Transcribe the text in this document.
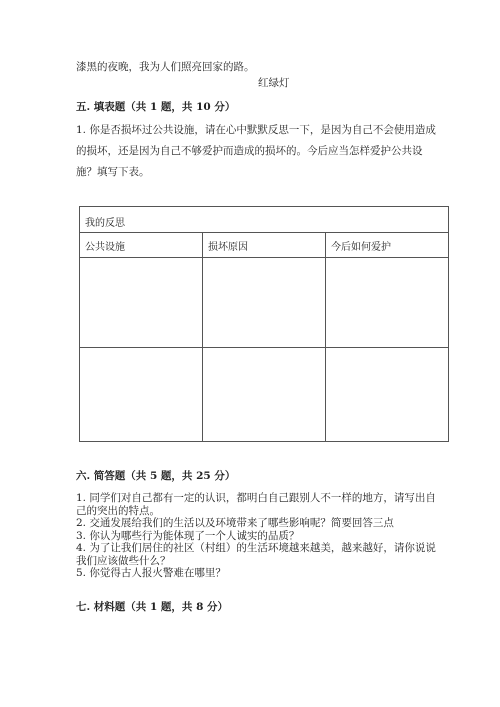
漆黑的夜晚，我为人们照亮回家的路。
红绿灯
五. 填表题（共 1 题，共 10 分）
1. 你是否损坏过公共设施，请在心中默默反思一下，是因为自己不会使用造成
的损坏，还是因为自己不够爱护而造成的损坏的。今后应当怎样爱护公共设
施？填写下表。
我的反思
公共设施	损坏原因	今后如何爱护
六. 简答题（共 5 题，共 25 分）
1. 同学们对自己都有一定的认识，都明白自己跟别人不一样的地方，请写出自
己的突出的特点。
2. 交通发展给我们的生活以及环境带来了哪些影响呢？简要回答三点
3. 你认为哪些行为能体现了一个人诚实的品质？
4. 为了让我们居住的社区（村组）的生活环境越来越美，越来越好，请你说说
我们应该做些什么？
5. 你觉得古人报火警难在哪里？
七. 材料题（共 1 题，共 8 分）
